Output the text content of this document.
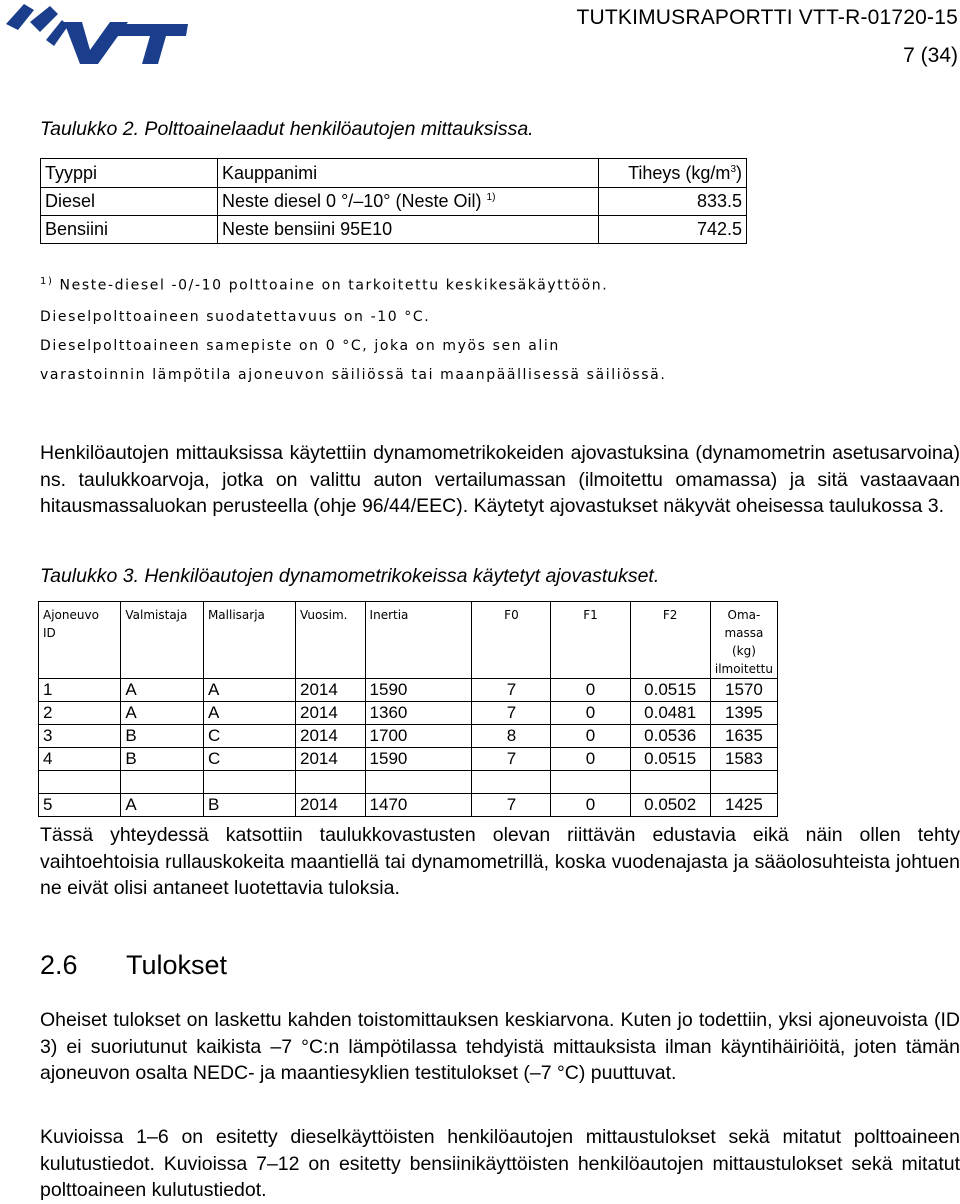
TUTKIMUSRAPORTTI VTT-R-01720-15
7 (34)
Taulukko 2. Polttoainelaadut henkilöautojen mittauksissa.
Tyyppi	Kauppanimi	Tiheys $(kg/m^3)$
Diesel	Neste diesel 0 °/–10° (Neste Oil) $^{1)}$	833.5
Bensiini	Neste bensiini 95E10	742.5
$^{1)}$ Neste-diesel -0/-10 polttoaine on tarkoitettu keskikesäkäyttöön.
Dieselpolttoaineen suodatettavuus on -10 °C.
Dieselpolttoaineen samepiste on 0 °C, joka on myös sen alin
varastoinnin lämpötila ajoneuvon säiliössä tai maanpäällisessä säiliössä.
Henkilöautojen mittauksissa käytettiin dynamometrikokeiden ajovastuksina (dynamometrin asetusarvoina) ns. taulukkoarvoja, jotka on valittu auton vertailumassan (ilmoitettu omamassa) ja sitä vastaavaan hitausmassaluokan perusteella (ohje 96/44/EEC). Käytetyt ajovastukset näkyvät oheisessa taulukossa 3.
Taulukko 3. Henkilöautojen dynamometrikokeissa käytetyt ajovastukset.
Ajoneuvo
ID	Valmistaja	Mallisarja	Vuosim.	Inertia	F0	F1	F2	Oma-
massa (kg)
ilmoitettu
1	A	A	2014	1590	7	0	0.0515	1570
2	A	A	2014	1360	7	0	0.0481	1395
3	B	C	2014	1700	8	0	0.0536	1635
4	B	C	2014	1590	7	0	0.0515	1583

5	A	B	2014	1470	7	0	0.0502	1425
Tässä yhteydessä katsottiin taulukkovastusten olevan riittävän edustavia eikä näin ollen tehty vaihtoehtoisia rullauskokeita maantiellä tai dynamometrillä, koska vuodenajasta ja sääolosuhteista johtuen ne eivät olisi antaneet luotettavia tuloksia.
2.6 Tulokset
Oheiset tulokset on laskettu kahden toistomittauksen keskiarvona. Kuten jo todettiin, yksi ajoneuvoista (ID 3) ei suoriutunut kaikista –7 °C:n lämpötilassa tehdyistä mittauksista ilman käyntihäiriöitä, joten tämän ajoneuvon osalta NEDC- ja maantiesyklien testitulokset (–7 °C) puuttuvat.
Kuvioissa 1–6 on esitetty dieselkäyttöisten henkilöautojen mittaustulokset sekä mitatut polttoaineen kulutustiedot. Kuvioissa 7–12 on esitetty bensiinikäyttöisten henkilöautojen mittaustulokset sekä mitatut polttoaineen kulutustiedot.
